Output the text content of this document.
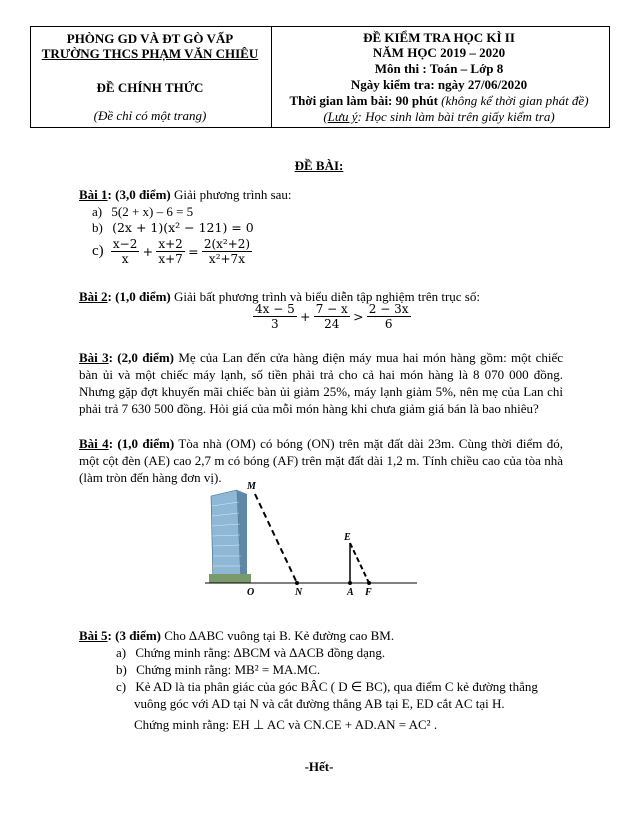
PHÒNG GD VÀ ĐT GÒ VẤP
TRƯỜNG THCS PHẠM VĂN CHIÊU
ĐỀ CHÍNH THỨC
(Đề chỉ có một trang)
ĐỀ KIỂM TRA HỌC KÌ II
NĂM HỌC 2019 – 2020
Môn thi : Toán – Lớp 8
Ngày kiểm tra: ngày 27/06/2020
Thời gian làm bài: 90 phút (không kể thời gian phát đề)
(Lưu ý: Học sinh làm bài trên giấy kiểm tra)
ĐỀ BÀI:
Bài 1: (3,0 điểm) Giải phương trình sau:
a) 5(2 + x) – 6 = 5
b) (2x + 1)(x² − 121) = 0
$c) \frac{x-2}{x} + \frac{x+2}{x+7} = \frac{\text{2(x²+2)}}{\text{x²+7x}}$
Bài 2: (1,0 điểm) Giải bất phương trình và biểu diễn tập nghiệm trên trục số:
$\frac{4x - 5}{3} + \frac{7 - x}{24} > \frac{2 - 3x}{6}$
Bài 3: (2,0 điểm) Mẹ của Lan đến cửa hàng điện máy mua hai món hàng gồm: một chiếc bàn ủi và một chiếc máy lạnh, số tiền phải trả cho cả hai món hàng là 8 070 000 đồng. Nhưng gặp đợt khuyến mãi chiếc bàn ủi giảm 25%, máy lạnh giảm 5%, nên mẹ của Lan chỉ phải trả 7 630 500 đồng. Hỏi giá của mỗi món hàng khi chưa giảm giá bán là bao nhiêu?
Bài 4: (1,0 điểm) Tòa nhà (OM) có bóng (ON) trên mặt đất dài 23m. Cùng thời điểm đó, một cột đèn (AE) cao 2,7 m có bóng (AF) trên mặt đất dài 1,2 m. Tính chiều cao của tòa nhà (làm tròn đến hàng đơn vị).
M
E
O	N	A F
Bài 5: (3 điểm) Cho ∆ABC vuông tại B. Kẻ đường cao BM.
a) Chứng minh rằng: ∆BCM và ∆ACB đồng dạng.
b) Chứng minh rằng: MB² = MA.MC.
c) Kẻ AD là tia phân giác của góc BÂC ( D ∈ BC), qua điểm C kẻ đường thẳng
vuông góc với AD tại N và cắt đường thẳng AB tại E, ED cắt AC tại H.
Chứng minh rằng: EH ⊥ AC và CN.CE + AD.AN = AC² .
-Hết-
